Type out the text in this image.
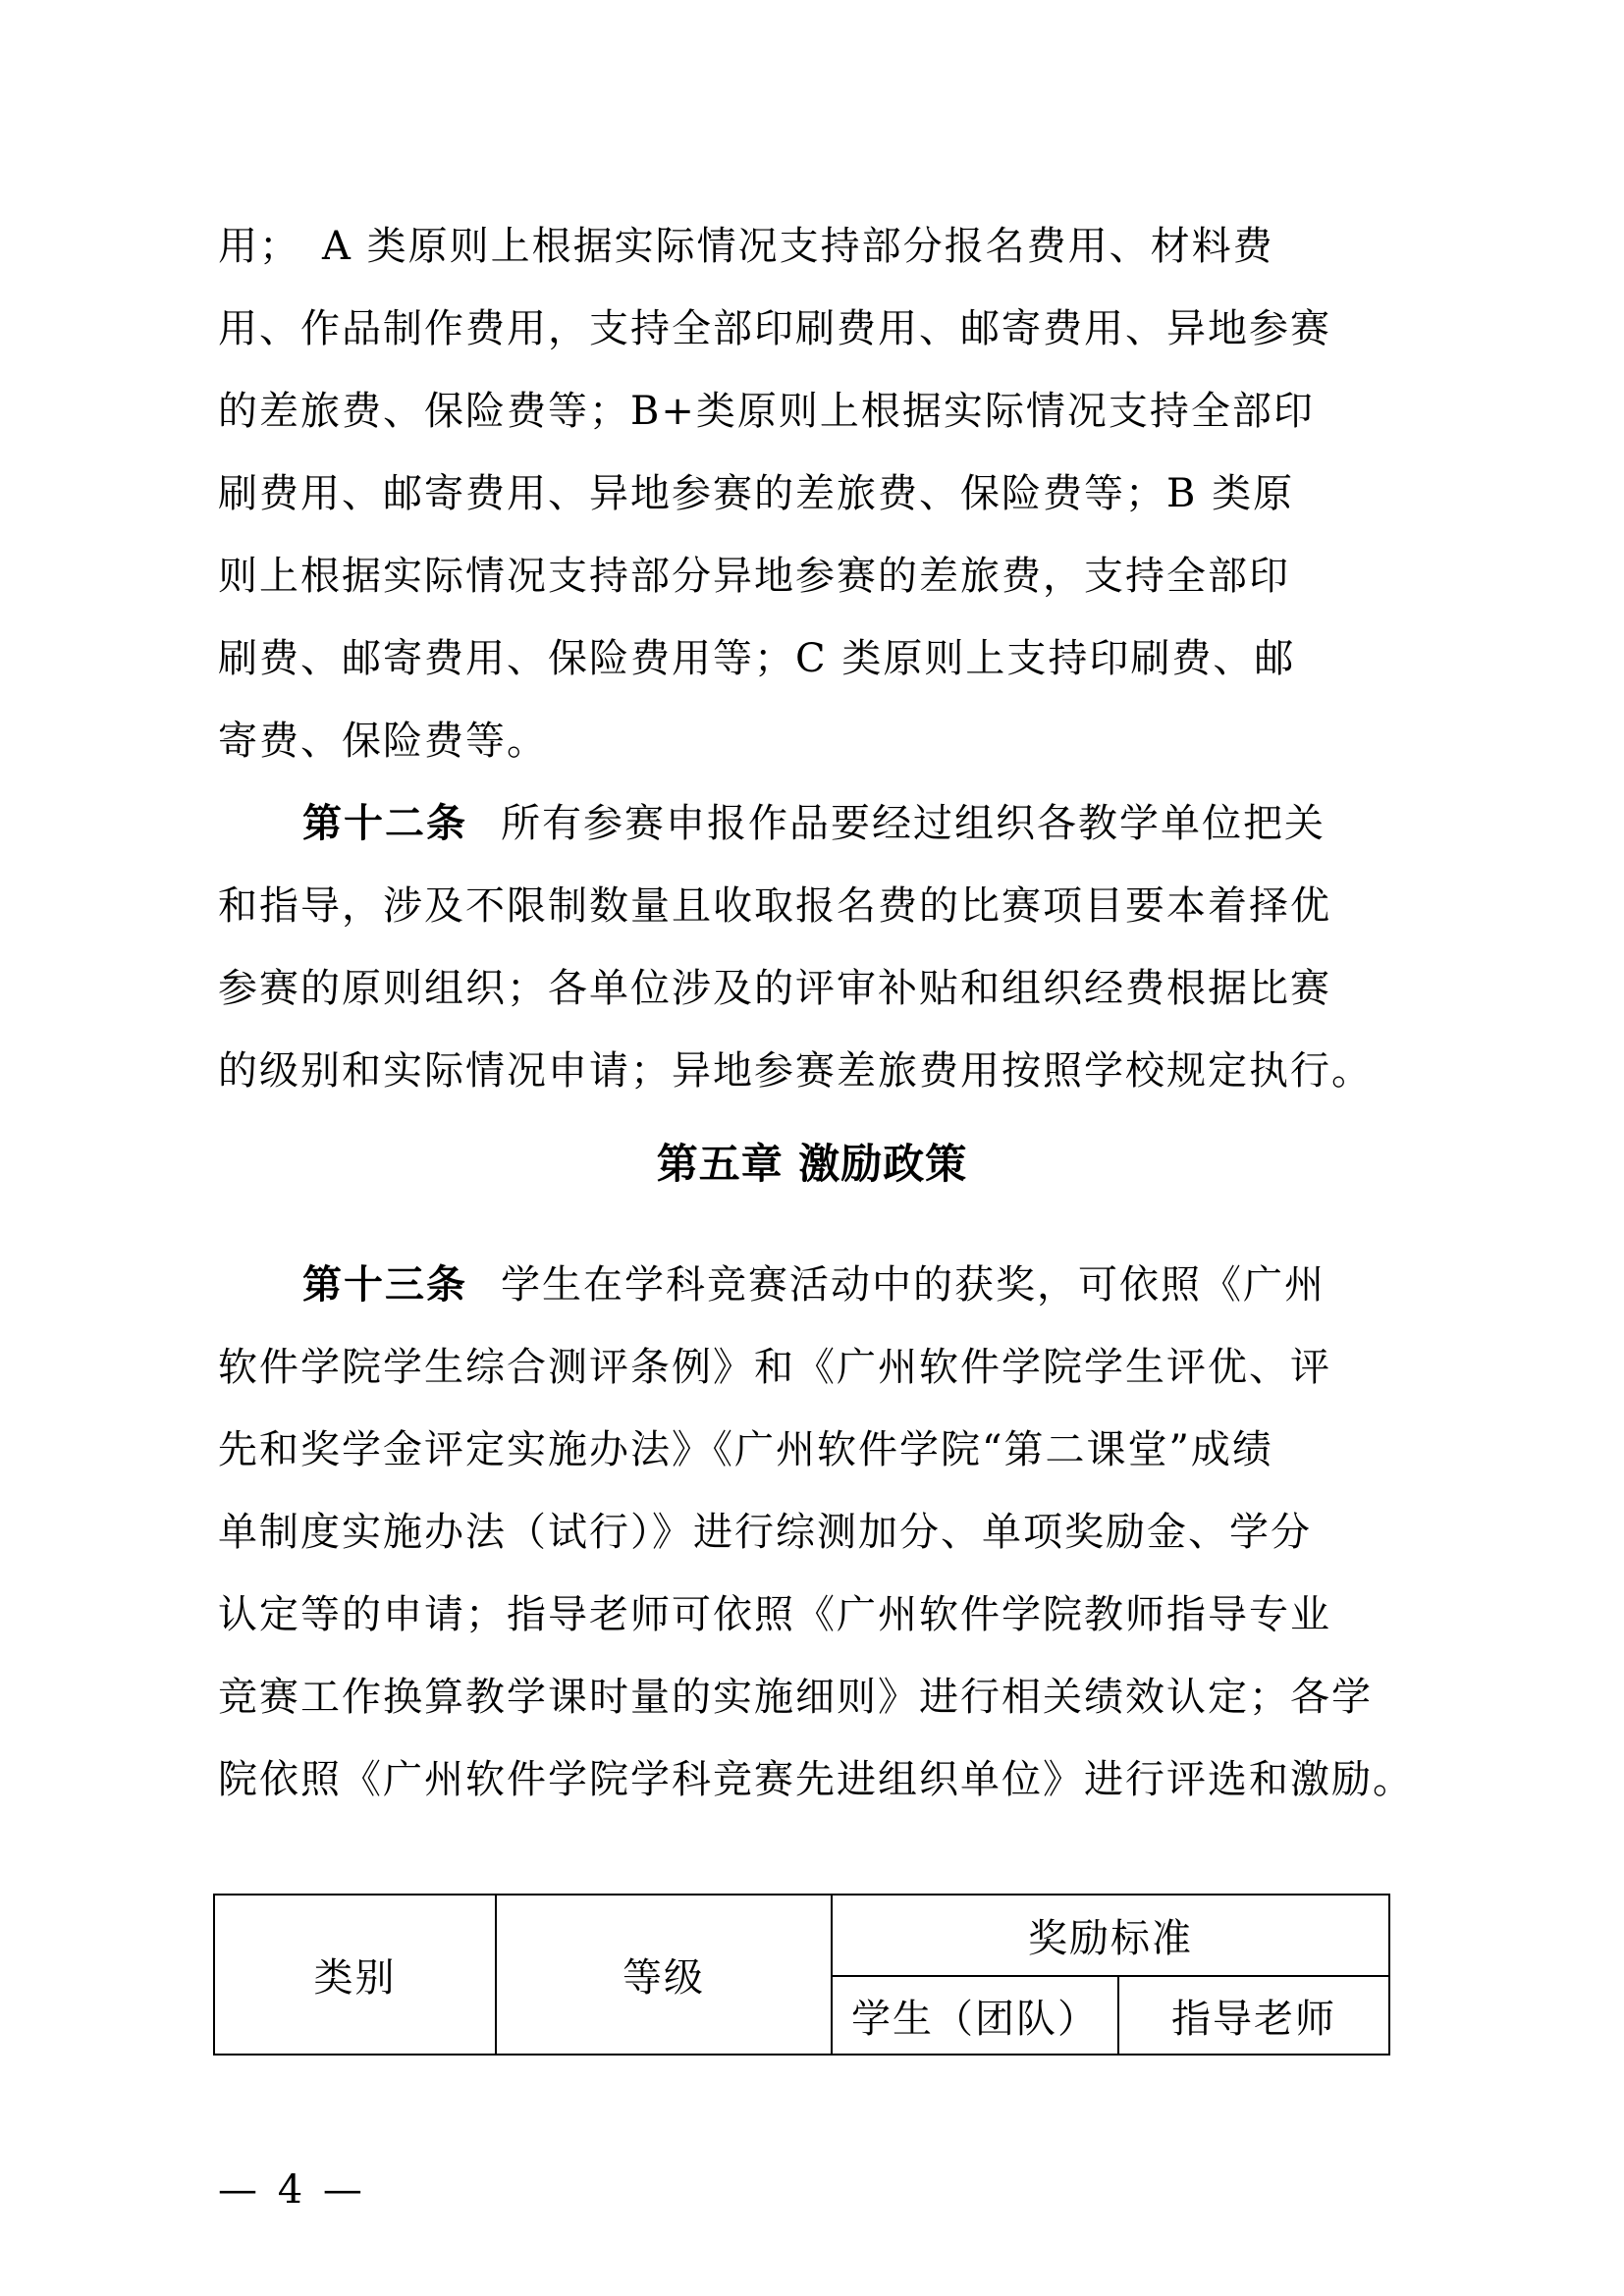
用；　A 类原则上根据实际情况支持部分报名费用、材料费
用、作品制作费用，支持全部印刷费用、邮寄费用、异地参赛
的差旅费、保险费等；B+类原则上根据实际情况支持全部印
刷费用、邮寄费用、异地参赛的差旅费、保险费等；B 类原
则上根据实际情况支持部分异地参赛的差旅费，支持全部印
刷费、邮寄费用、保险费用等；C 类原则上支持印刷费、邮
寄费、保险费等。
第十二条 所有参赛申报作品要经过组织各教学单位把关
和指导，涉及不限制数量且收取报名费的比赛项目要本着择优
参赛的原则组织；各单位涉及的评审补贴和组织经费根据比赛
的级别和实际情况申请；异地参赛差旅费用按照学校规定执行。
第五章 激励政策
第十三条 学生在学科竞赛活动中的获奖，可依照《广州
软件学院学生综合测评条例》和《广州软件学院学生评优、评
先和奖学金评定实施办法》《广州软件学院“第二课堂”成绩
单制度实施办法（试行）》进行综测加分、单项奖励金、学分
认定等的申请；指导老师可依照《广州软件学院教师指导专业
竞赛工作换算教学课时量的实施细则》进行相关绩效认定；各学
院依照《广州软件学院学科竞赛先进组织单位》进行评选和激励。
类别	等级	奖励标准	
		学生（团队）	指导老师
— 4 —
